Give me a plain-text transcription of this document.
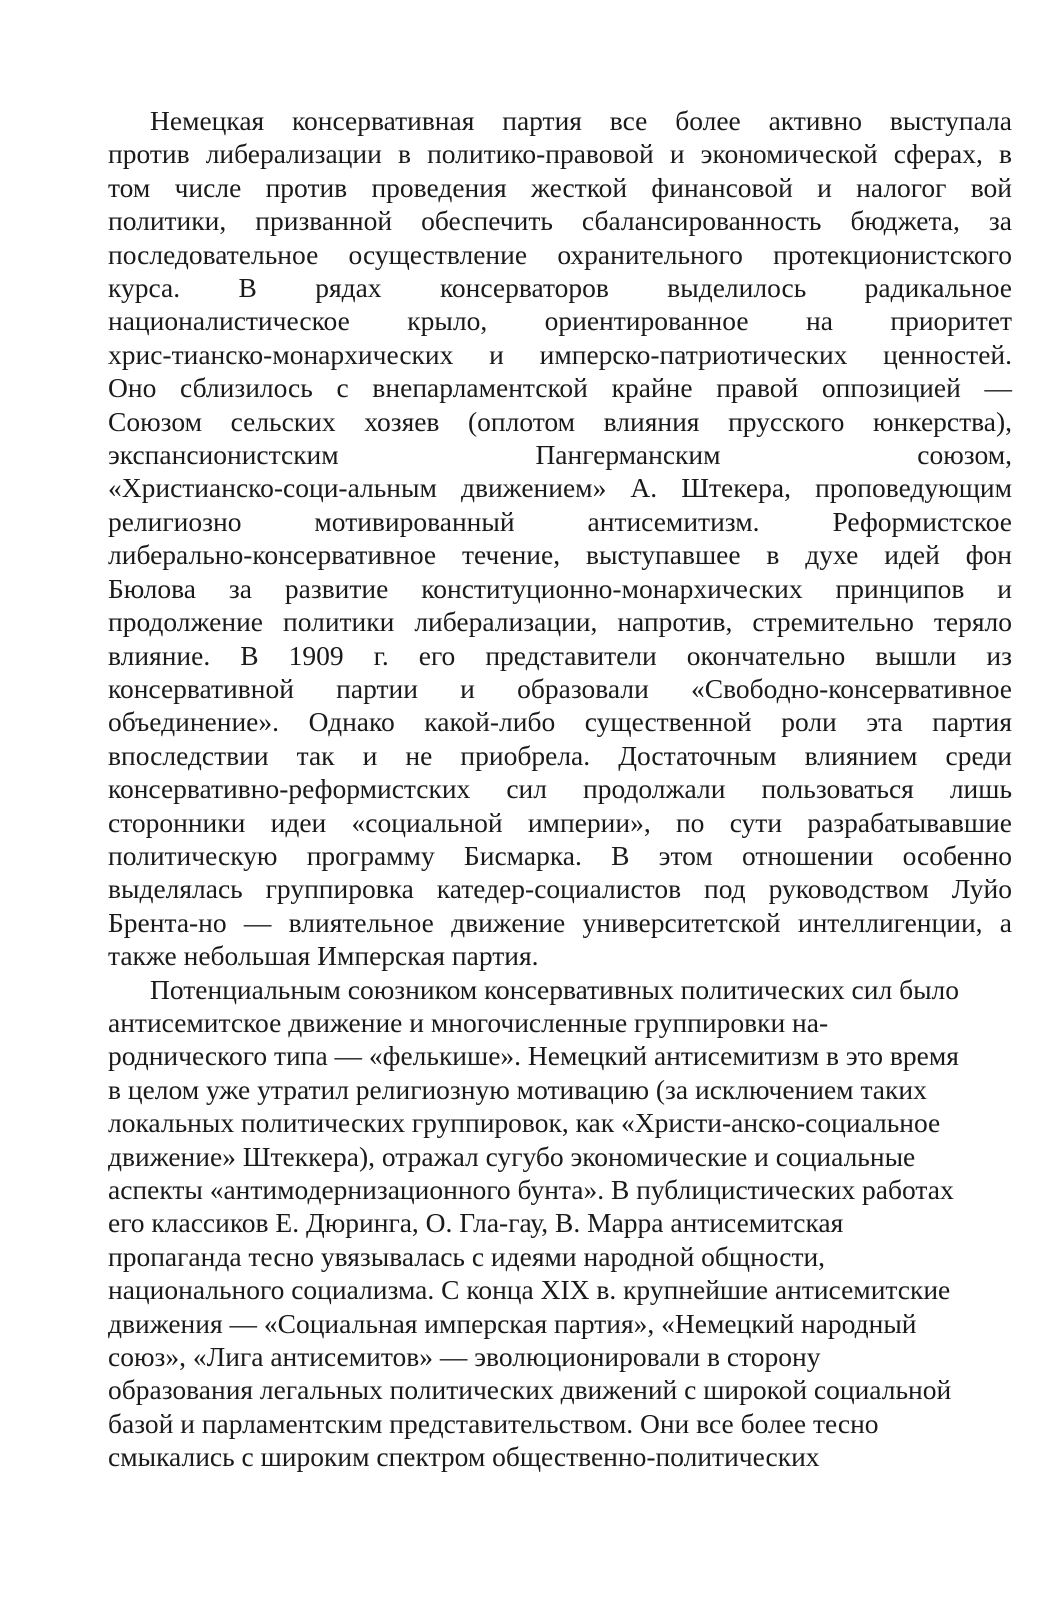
Немецкая консервативная партия все более активно выступала
против либерализации в политико-правовой и экономической сферах, в
том числе против проведения жесткой финансовой и налогог вой
политики, призванной обеспечить сбалансированность бюджета, за
последовательное осуществление охранительного протекционистского
курса. В рядах консерваторов выделилось радикальное
националистическое крыло, ориентированное на приоритет
хрис-тианско-монархических и имперско-патриотических ценностей.
Оно сблизилось с внепарламентской крайне правой оппозицией —
Союзом сельских хозяев (оплотом влияния прусского юнкерства),
экспансионистским Пангерманским союзом,
«Христианско-соци-альным движением» А. Штекера, проповедующим
религиозно мотивированный антисемитизм. Реформистское
либерально-консервативное течение, выступавшее в духе идей фон
Бюлова за развитие конституционно-монархических принципов и
продолжение политики либерализации, напротив, стремительно теряло
влияние. В 1909 г. его представители окончательно вышли из
консервативной партии и образовали «Свободно-консервативное
объединение». Однако какой-либо существенной роли эта партия
впоследствии так и не приобрела. Достаточным влиянием среди
консервативно-реформистских сил продолжали пользоваться лишь
сторонники идеи «социальной империи», по сути разрабатывавшие
политическую программу Бисмарка. В этом отношении особенно
выделялась группировка катедер-социалистов под руководством Луйо
Брента-но — влиятельное движение университетской интеллигенции, а
также небольшая Имперская партия.

Потенциальным союзником консервативных политических сил было
антисемитское движение и многочисленные группировки на-
роднического типа — «фелькише». Немецкий антисемитизм в это время
в целом уже утратил религиозную мотивацию (за исключением таких
локальных политических группировок, как «Христи-анско-социальное
движение» Штеккера), отражал сугубо экономические и социальные
аспекты «антимодернизационного бунта». В публицистических работах
его классиков Е. Дюринга, О. Гла-гау, В. Марра антисемитская
пропаганда тесно увязывалась с идеями народной общности,
национального социализма. С конца XIX в. крупнейшие антисемитские
движения — «Социальная имперская партия», «Немецкий народный
союз», «Лига антисемитов» — эволюционировали в сторону
образования легальных политических движений с широкой социальной
базой и парламентским представительством. Они все более тесно
смыкались с широким спектром общественно-политических
